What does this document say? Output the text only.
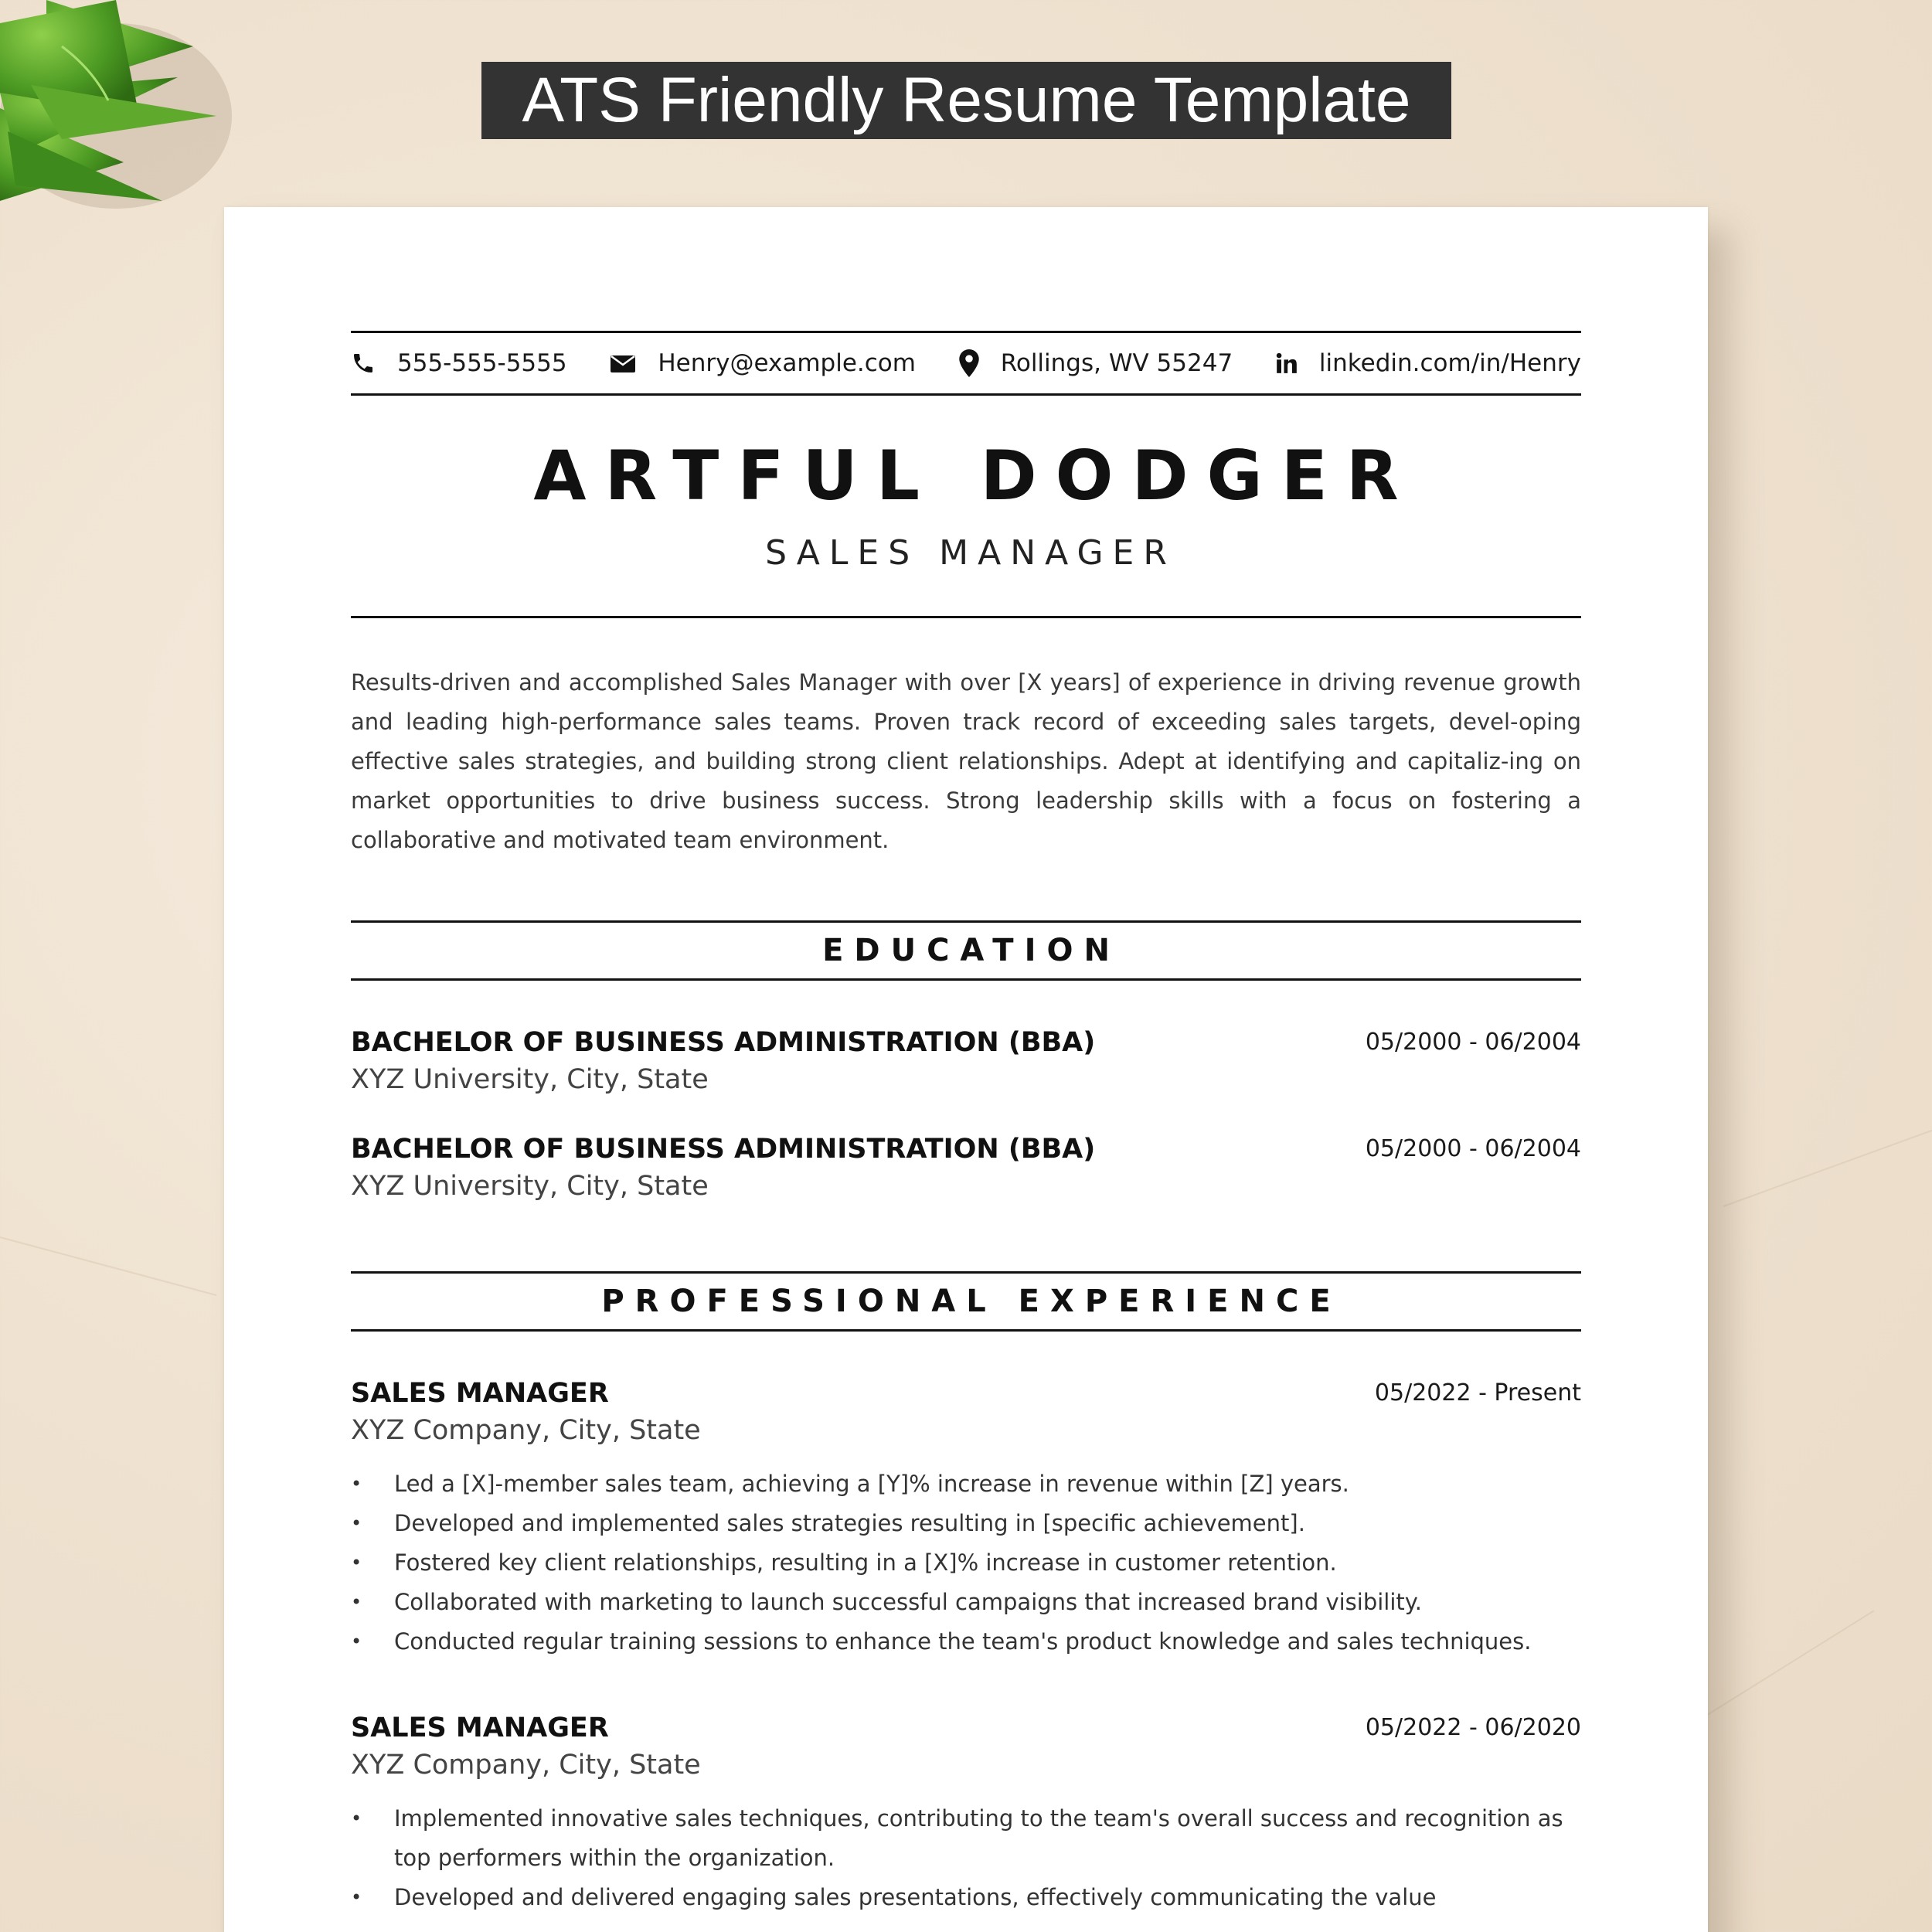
ATS Friendly Resume Template
555-555-5555	Henry@example.com	Rollings, WV 55247	linkedin.com/in/Henry
ARTFUL DODGER
SALES MANAGER
Results-driven and accomplished Sales Manager with over [X years] of experience in driving revenue growth and leading high-performance sales teams. Proven track record of exceeding sales targets, devel-oping effective sales strategies, and building strong client relationships. Adept at identifying and capitaliz-ing on market opportunities to drive business success. Strong leadership skills with a focus on fostering a collaborative and motivated team environment.
EDUCATION
BACHELOR OF BUSINESS ADMINISTRATION (BBA)	05/2000 - 06/2004
XYZ University, City, State
BACHELOR OF BUSINESS ADMINISTRATION (BBA)	05/2000 - 06/2004
XYZ University, City, State
PROFESSIONAL EXPERIENCE
SALES MANAGER	05/2022 - Present
XYZ Company, City, State
• Led a [X]-member sales team, achieving a [Y]% increase in revenue within [Z] years.
• Developed and implemented sales strategies resulting in [specific achievement].
• Fostered key client relationships, resulting in a [X]% increase in customer retention.
• Collaborated with marketing to launch successful campaigns that increased brand visibility.
• Conducted regular training sessions to enhance the team's product knowledge and sales techniques.
SALES MANAGER	05/2022 - 06/2020
XYZ Company, City, State
• Implemented innovative sales techniques, contributing to the team's overall success and recognition as top performers within the organization.
• Developed and delivered engaging sales presentations, effectively communicating the value
